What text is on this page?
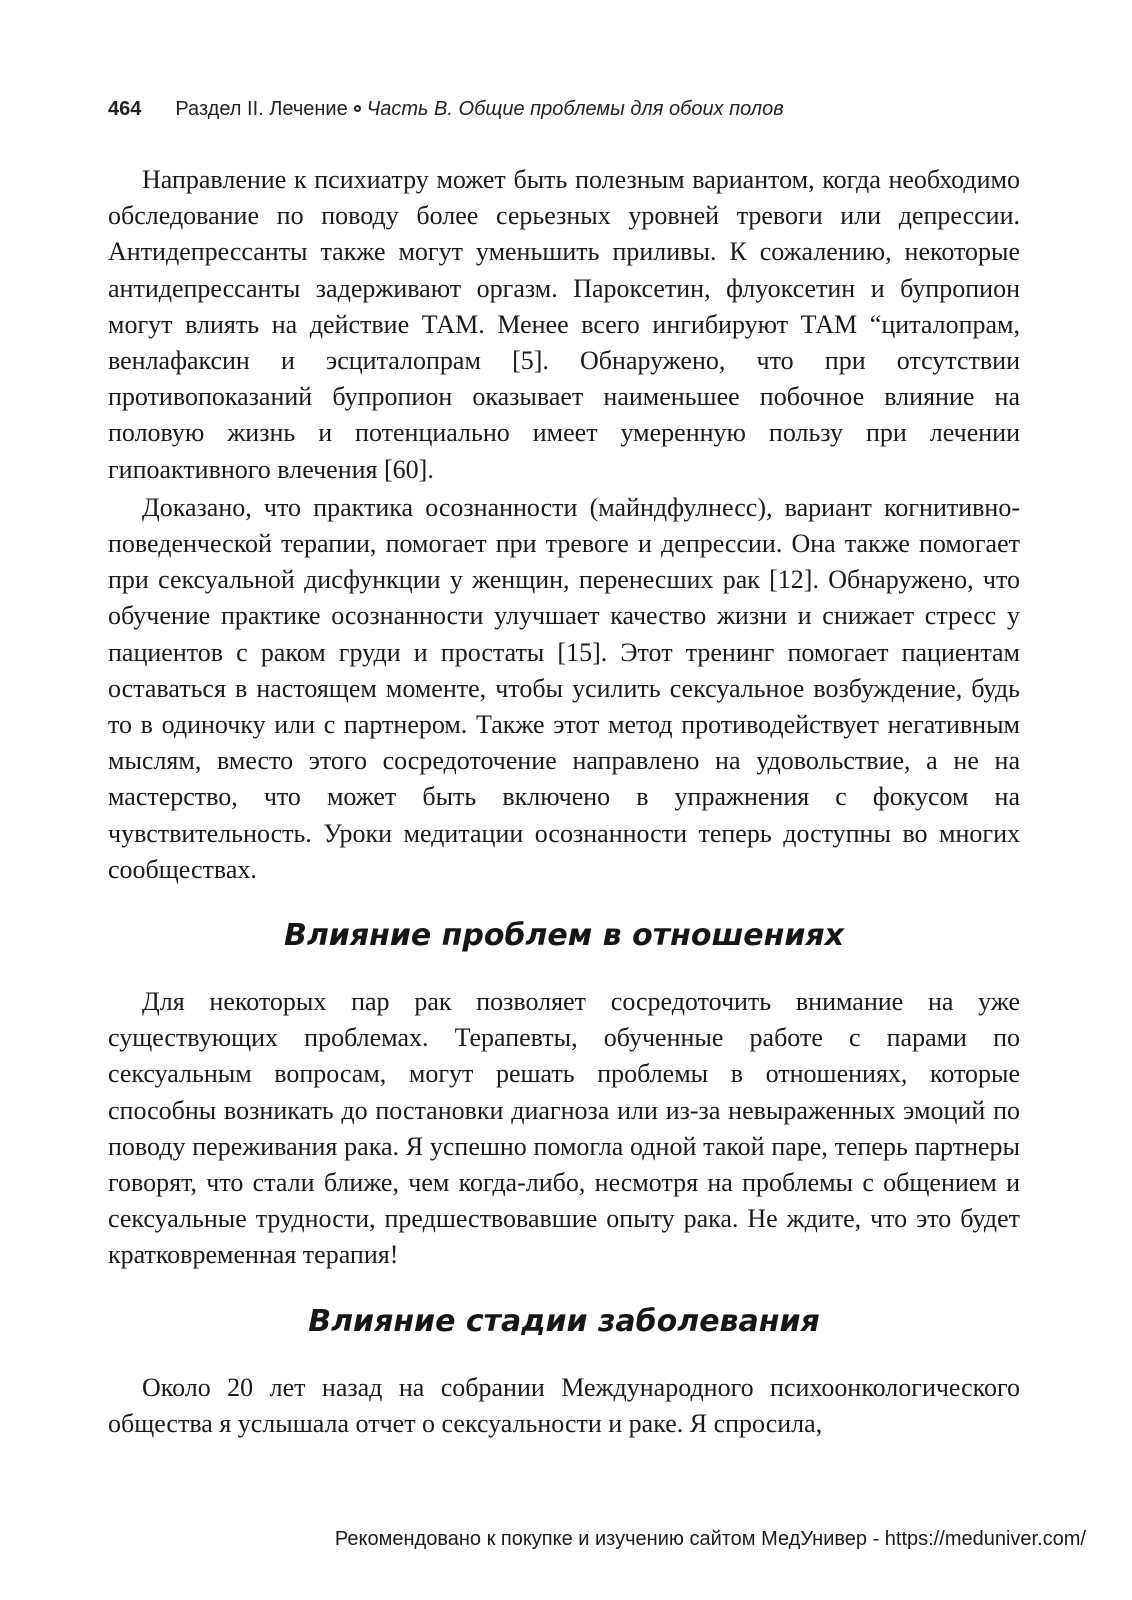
464 Раздел II. Лечение Часть В. Общие проблемы для обоих полов

Направление к психиатру может быть полезным вариантом, когда необходимо обследование по поводу более серьезных уровней тревоги или депрессии. Антидепрессанты также могут уменьшить приливы. К сожалению, некоторые антидепрессанты задерживают оргазм. Пароксетин, флуоксетин и бупропион могут влиять на действие ТАМ. Менее всего ингибируют ТАМ “циталопрам, венлафаксин и эсциталопрам [5]. Обнаружено, что при отсутствии противопоказаний бупропион оказывает наименьшее побочное влияние на половую жизнь и потенциально имеет умеренную пользу при лечении гипоактивного влечения [60].

Доказано, что практика осознанности (майндфулнесс), вариант когнитивно-поведенческой терапии, помогает при тревоге и депрессии. Она также помогает при сексуальной дисфункции у женщин, перенесших рак [12]. Обнаружено, что обучение практике осознанности улучшает качество жизни и снижает стресс у пациентов с раком груди и простаты [15]. Этот тренинг помогает пациентам оставаться в настоящем моменте, чтобы усилить сексуальное возбуждение, будь то в одиночку или с партнером. Также этот метод противодействует негативным мыслям, вместо этого сосредоточение направлено на удовольствие, а не на мастерство, что может быть включено в упражнения с фокусом на чувствительность. Уроки медитации осознанности теперь доступны во многих сообществах.

Влияние проблем в отношениях

Для некоторых пар рак позволяет сосредоточить внимание на уже существующих проблемах. Терапевты, обученные работе с парами по сексуальным вопросам, могут решать проблемы в отношениях, которые способны возникать до постановки диагноза или из-за невыраженных эмоций по поводу переживания рака. Я успешно помогла одной такой паре, теперь партнеры говорят, что стали ближе, чем когда-либо, несмотря на проблемы с общением и сексуальные трудности, предшествовавшие опыту рака. Не ждите, что это будет кратковременная терапия!

Влияние стадии заболевания

Около 20 лет назад на собрании Международного психоонкологического общества я услышала отчет о сексуальности и раке. Я спросила,

Рекомендовано к покупке и изучению сайтом МедУнивер - https://meduniver.com/
